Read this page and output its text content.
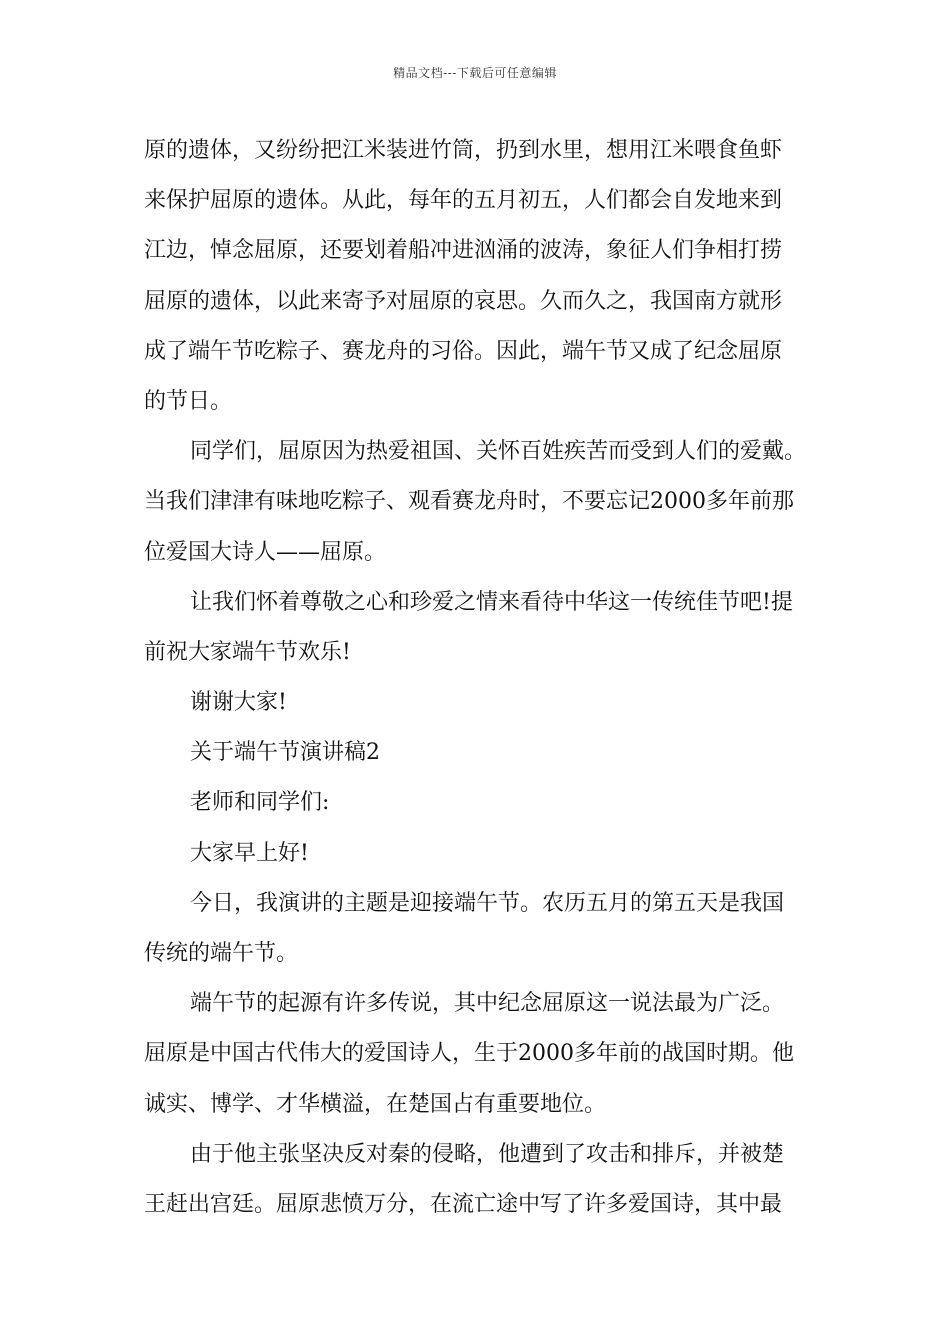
精品文档---下载后可任意编辑
原的遗体，又纷纷把江米装进竹筒，扔到水里，想用江米喂食鱼虾
来保护屈原的遗体。从此，每年的五月初五，人们都会自发地来到
江边，悼念屈原，还要划着船冲进汹涌的波涛，象征人们争相打捞
屈原的遗体，以此来寄予对屈原的哀思。久而久之，我国南方就形
成了端午节吃粽子、赛龙舟的习俗。因此，端午节又成了纪念屈原
的节日。
同学们，屈原因为热爱祖国、关怀百姓疾苦而受到人们的爱戴。
当我们津津有味地吃粽子、观看赛龙舟时，不要忘记2000多年前那
位爱国大诗人——屈原。
让我们怀着尊敬之心和珍爱之情来看待中华这一传统佳节吧!提
前祝大家端午节欢乐!
谢谢大家!
关于端午节演讲稿2
老师和同学们:
大家早上好!
今日，我演讲的主题是迎接端午节。农历五月的第五天是我国
传统的端午节。
端午节的起源有许多传说，其中纪念屈原这一说法最为广泛。
屈原是中国古代伟大的爱国诗人，生于2000多年前的战国时期。他
诚实、博学、才华横溢，在楚国占有重要地位。
由于他主张坚决反对秦的侵略，他遭到了攻击和排斥，并被楚
王赶出宫廷。屈原悲愤万分，在流亡途中写了许多爱国诗，其中最
